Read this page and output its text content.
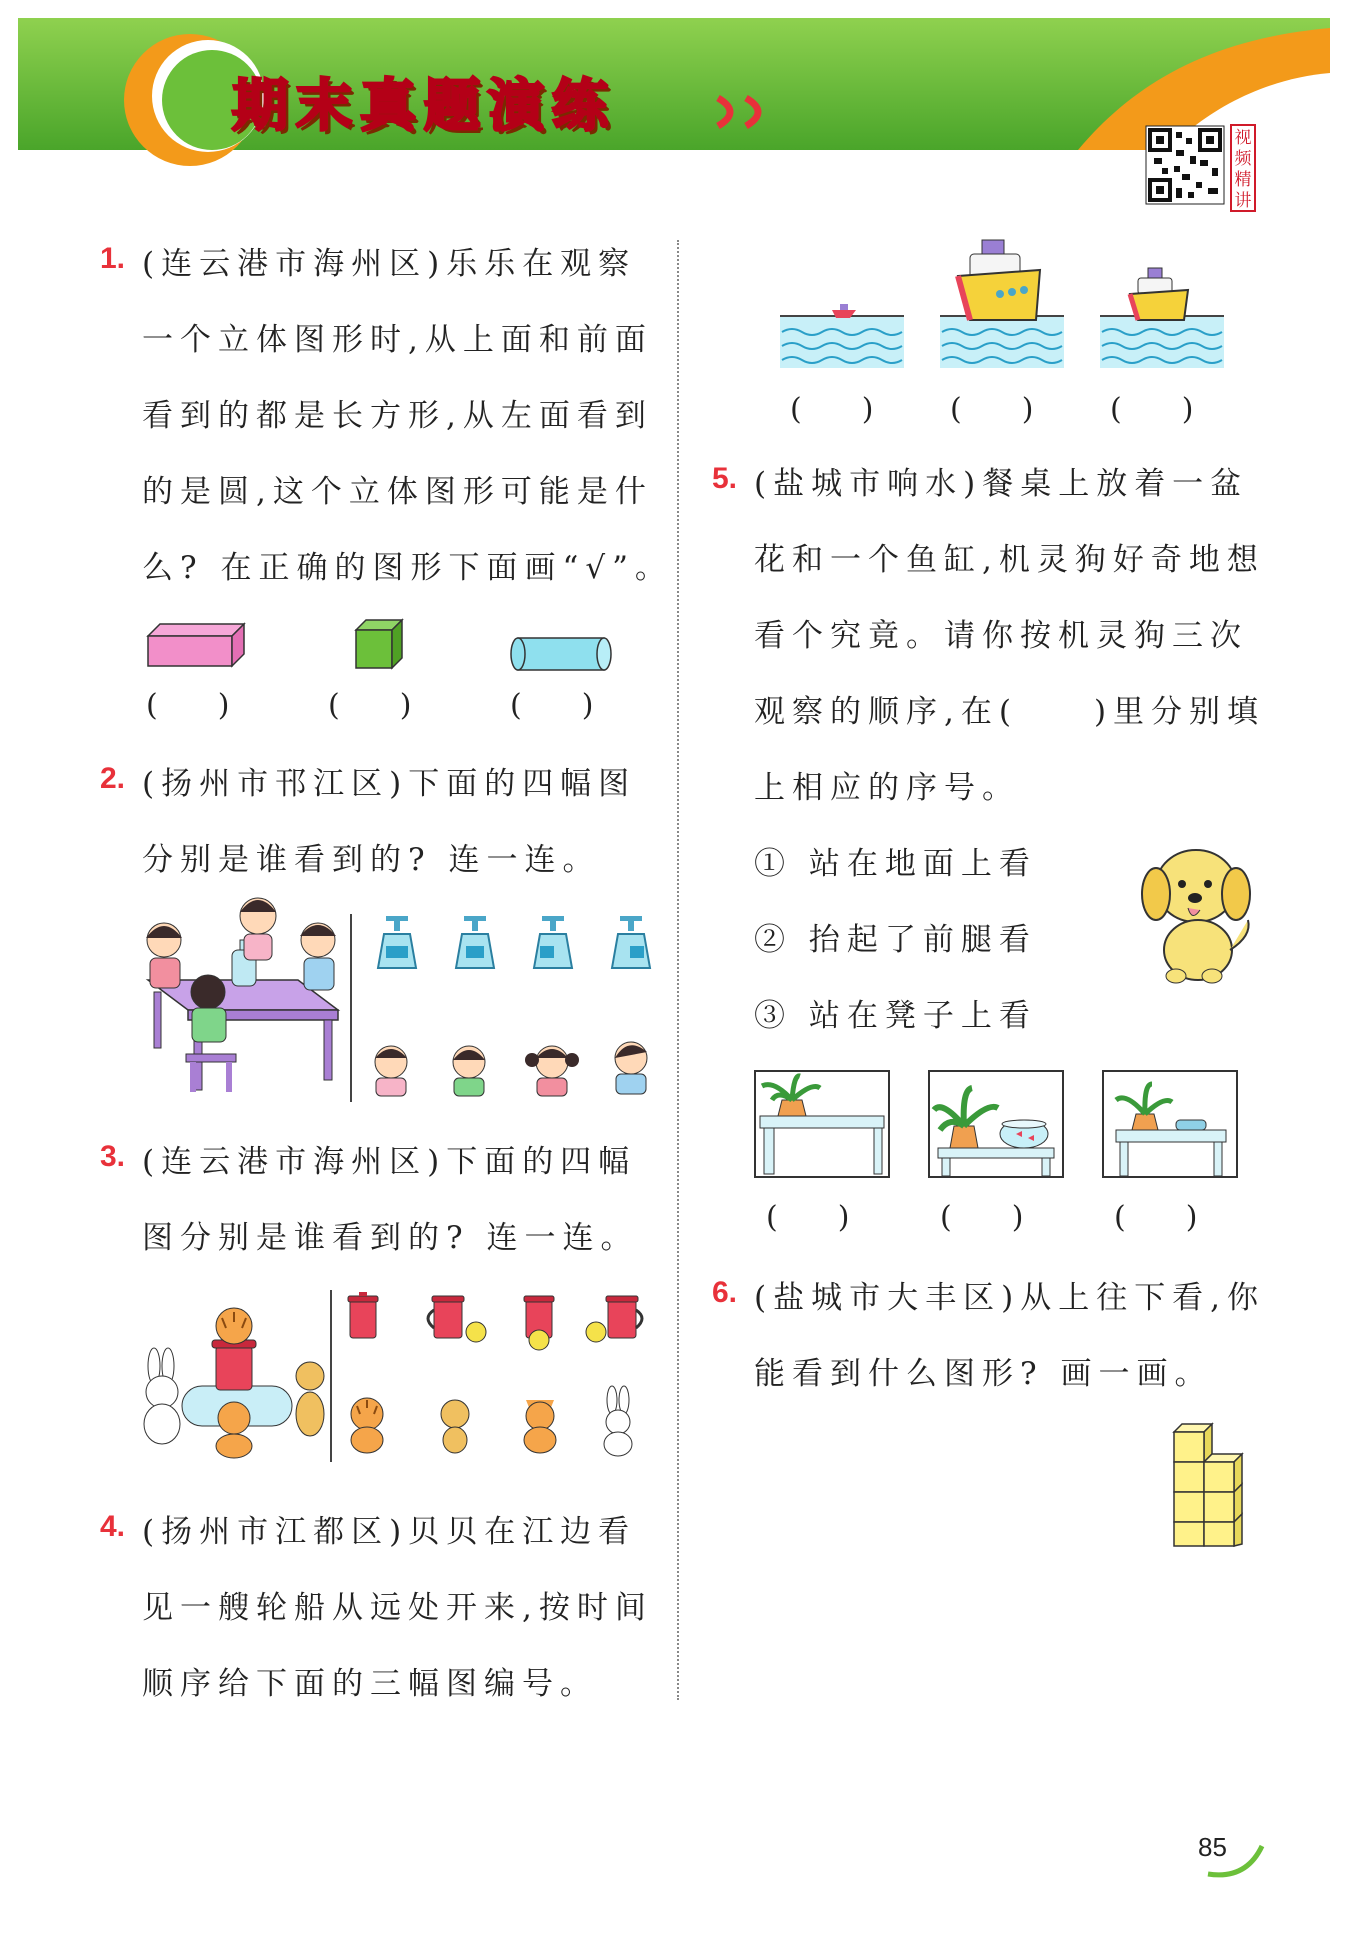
期 末 真 题 演 练	视频精讲
1. (连云港市海州区)乐乐在观察
一个立体图形时,从上面和前面
看到的都是长方形,从左面看到
的是圆,这个立体图形可能是什
么? 在正确的图形下面画“√”。
(　　)	(　　)	(　　)
2. (扬州市邗江区)下面的四幅图
分别是谁看到的? 连一连。
3. (连云港市海州区)下面的四幅
图分别是谁看到的? 连一连。
4. (扬州市江都区)贝贝在江边看
见一艘轮船从远处开来,按时间
顺序给下面的三幅图编号。
(　　)	(　　)	(　　)
5. (盐城市响水)餐桌上放着一盆
花和一个鱼缸,机灵狗好奇地想
看个究竟。请你按机灵狗三次
观察的顺序,在(　　)里分别填
上相应的序号。
① 站在地面上看
② 抬起了前腿看
③ 站在凳子上看
(　　)	(　　)	(　　)
6. (盐城市大丰区)从上往下看,你
能看到什么图形? 画一画。
85
